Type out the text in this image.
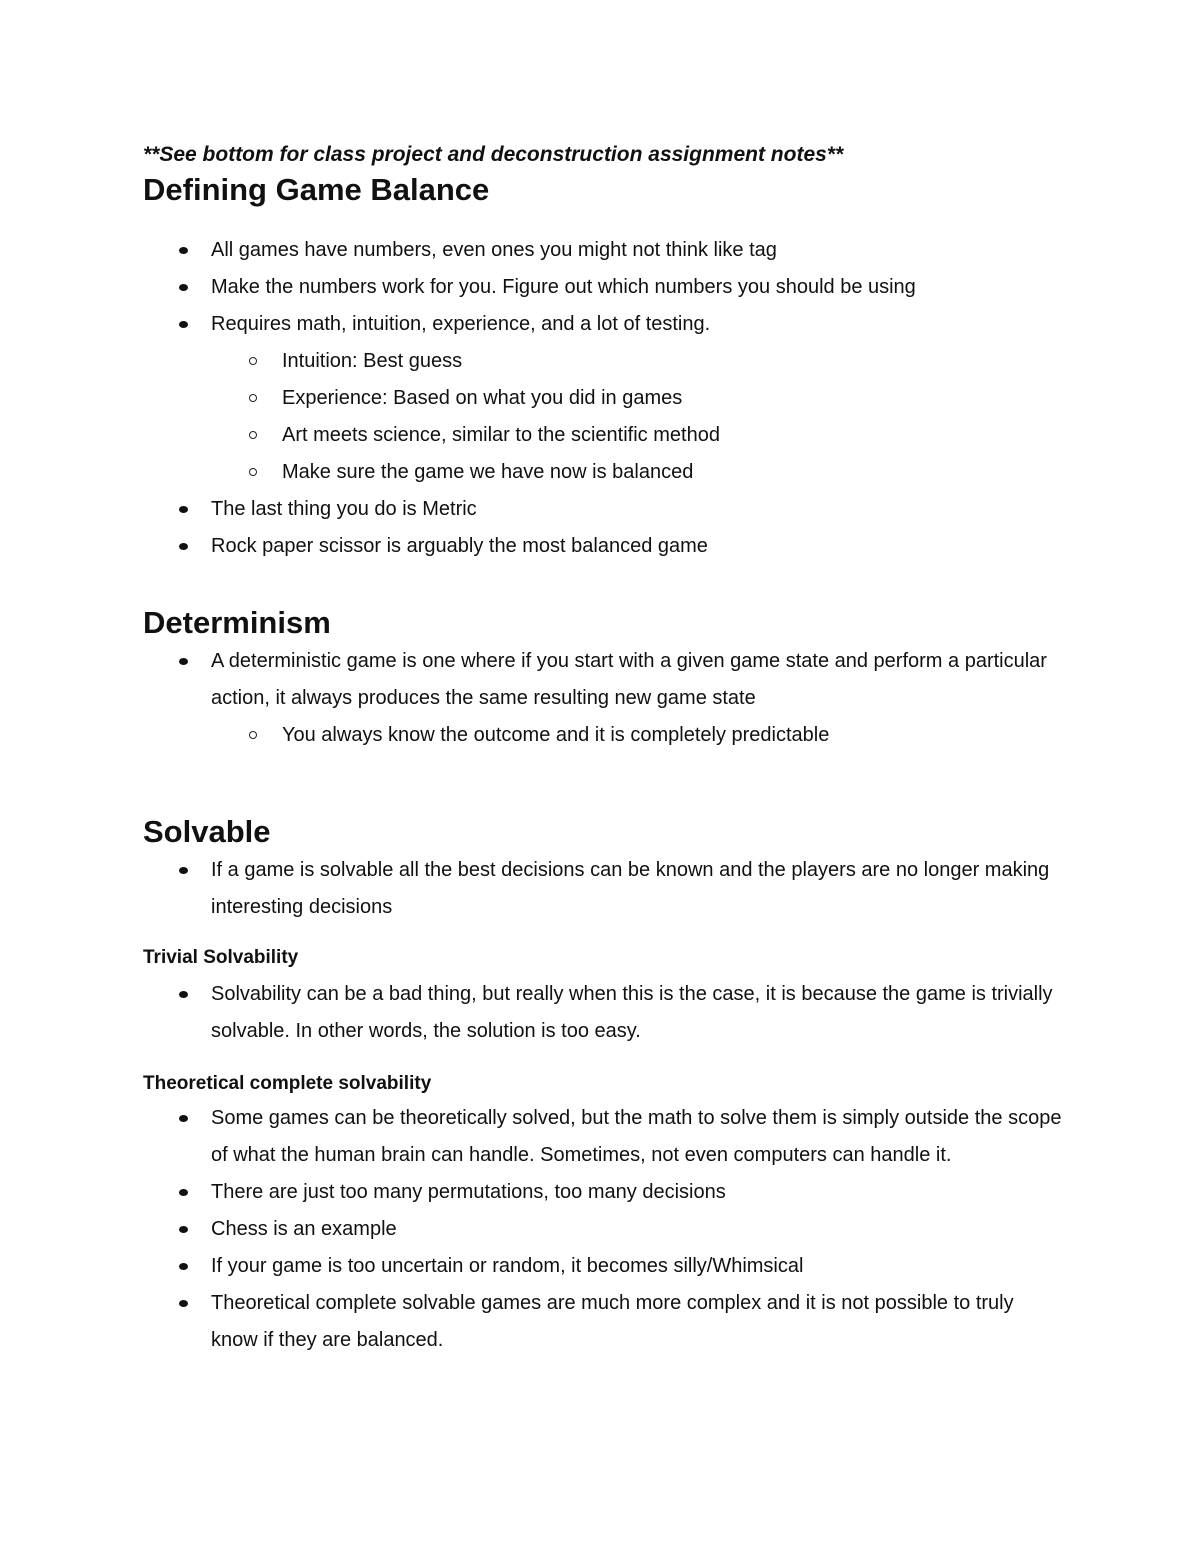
**See bottom for class project and deconstruction assignment notes**

Defining Game Balance
All games have numbers, even ones you might not think like tag
Make the numbers work for you. Figure out which numbers you should be using
Requires math, intuition, experience, and a lot of testing.
Intuition: Best guess
Experience: Based on what you did in games
Art meets science, similar to the scientific method
Make sure the game we have now is balanced
The last thing you do is Metric
Rock paper scissor is arguably the most balanced game
Determinism
A deterministic game is one where if you start with a given game state and perform a particular action, it always produces the same resulting new game state
You always know the outcome and it is completely predictable
Solvable
If a game is solvable all the best decisions can be known and the players are no longer making interesting decisions
Trivial Solvability
Solvability can be a bad thing, but really when this is the case, it is because the game is trivially solvable. In other words, the solution is too easy.
Theoretical complete solvability
Some games can be theoretically solved, but the math to solve them is simply outside the scope of what the human brain can handle. Sometimes, not even computers can handle it.
There are just too many permutations, too many decisions
Chess is an example
If your game is too uncertain or random, it becomes silly/Whimsical
Theoretical complete solvable games are much more complex and it is not possible to truly know if they are balanced.
